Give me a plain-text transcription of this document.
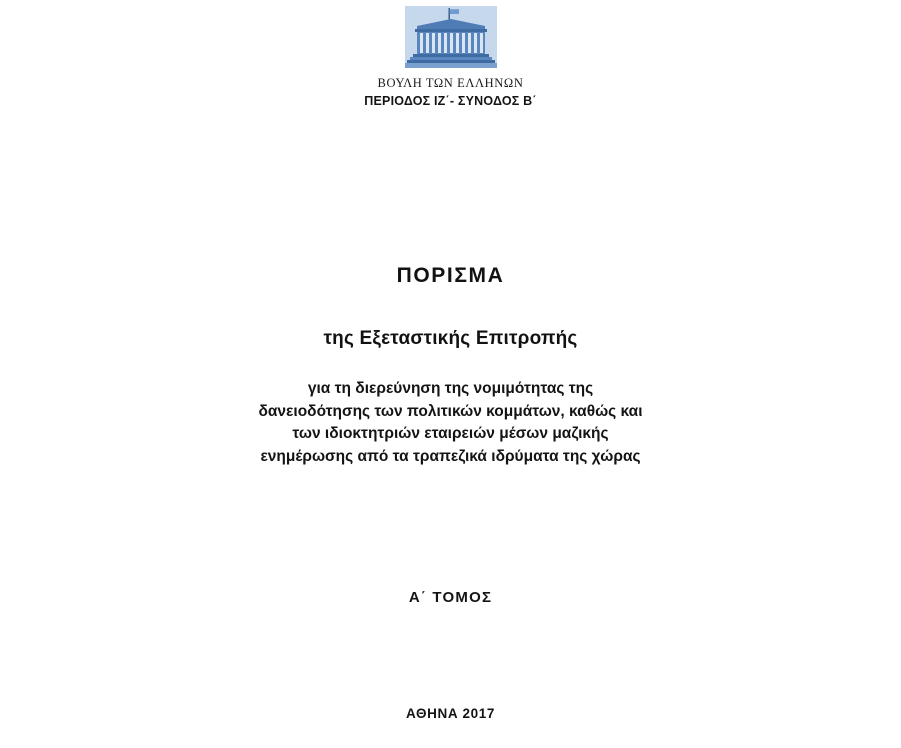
ΒΟΥΛΗ ΤΩΝ ΕΛΛΗΝΩΝ
ΠΕΡΙΟΔΟΣ ΙΖ΄- ΣΥΝΟΔΟΣ Β΄
ΠΟΡΙΣΜΑ
της Εξεταστικής Επιτροπής
για τη διερεύνηση της νομιμότητας της
δανειοδότησης των πολιτικών κομμάτων, καθώς και
των ιδιοκτητριών εταιρειών μέσων μαζικής
ενημέρωσης από τα τραπεζικά ιδρύματα της χώρας
Α΄ ΤΟΜΟΣ
ΑΘΗΝΑ 2017
